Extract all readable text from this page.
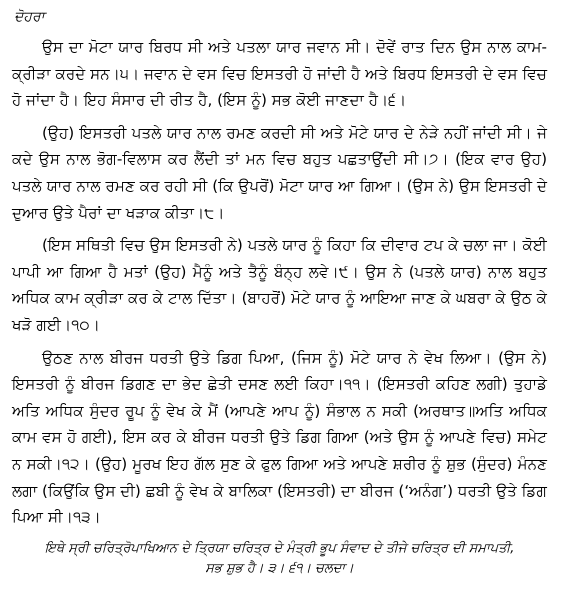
ਦੋਹਰਾ

ਉਸ ਦਾ ਮੋਟਾ ਯਾਰ ਬਿਰਧ ਸੀ ਅਤੇ ਪਤਲਾ ਯਾਰ ਜਵਾਨ ਸੀ। ਦੋਵੇਂ ਰਾਤ ਦਿਨ ਉਸ ਨਾਲ ਕਾਮ-ਕ੍ਰੀੜਾ ਕਰਦੇ ਸਨ।੫। ਜਵਾਨ ਦੇ ਵਸ ਵਿਚ ਇਸਤਰੀ ਹੋ ਜਾਂਦੀ ਹੈ ਅਤੇ ਬਿਰਧ ਇਸਤਰੀ ਦੇ ਵਸ ਵਿਚ ਹੋ ਜਾਂਦਾ ਹੈ। ਇਹ ਸੰਸਾਰ ਦੀ ਰੀਤ ਹੈ, (ਇਸ ਨੂੰ) ਸਭ ਕੋਈ ਜਾਣਦਾ ਹੈ।੬।

(ਉਹ) ਇਸਤਰੀ ਪਤਲੇ ਯਾਰ ਨਾਲ ਰਮਣ ਕਰਦੀ ਸੀ ਅਤੇ ਮੋਟੇ ਯਾਰ ਦੇ ਨੇੜੇ ਨਹੀਂ ਜਾਂਦੀ ਸੀ। ਜੇ ਕਦੇ ਉਸ ਨਾਲ ਭੋਗ-ਵਿਲਾਸ ਕਰ ਲੈਂਦੀ ਤਾਂ ਮਨ ਵਿਚ ਬਹੁਤ ਪਛਤਾਉਂਦੀ ਸੀ।੭। (ਇਕ ਵਾਰ ਉਹ) ਪਤਲੇ ਯਾਰ ਨਾਲ ਰਮਣ ਕਰ ਰਹੀ ਸੀ (ਕਿ ਉਪਰੋਂ) ਮੋਟਾ ਯਾਰ ਆ ਗਿਆ। (ਉਸ ਨੇ) ਉਸ ਇਸਤਰੀ ਦੇ ਦੁਆਰ ਉਤੇ ਪੈਰਾਂ ਦਾ ਖੜਾਕ ਕੀਤਾ।੮।

(ਇਸ ਸਥਿਤੀ ਵਿਚ ਉਸ ਇਸਤਰੀ ਨੇ) ਪਤਲੇ ਯਾਰ ਨੂੰ ਕਿਹਾ ਕਿ ਦੀਵਾਰ ਟਪ ਕੇ ਚਲਾ ਜਾ। ਕੋਈ ਪਾਪੀ ਆ ਗਿਆ ਹੈ ਮਤਾਂ (ਉਹ) ਮੈਨੂੰ ਅਤੇ ਤੈਨੂੰ ਬੰਨ੍ਹ ਲਵੇ।੯। ਉਸ ਨੇ (ਪਤਲੇ ਯਾਰ) ਨਾਲ ਬਹੁਤ ਅਧਿਕ ਕਾਮ ਕ੍ਰੀੜਾ ਕਰ ਕੇ ਟਾਲ ਦਿੱਤਾ। (ਬਾਹਰੋਂ) ਮੋਟੇ ਯਾਰ ਨੂੰ ਆਇਆ ਜਾਣ ਕੇ ਘਬਰਾ ਕੇ ਉਠ ਕੇ ਖੜੋ ਗਈ।੧੦।

ਉਠਣ ਨਾਲ ਬੀਰਜ ਧਰਤੀ ਉਤੇ ਡਿਗ ਪਿਆ, (ਜਿਸ ਨੂੰ) ਮੋਟੇ ਯਾਰ ਨੇ ਵੇਖ ਲਿਆ। (ਉਸ ਨੇ) ਇਸਤਰੀ ਨੂੰ ਬੀਰਜ ਡਿਗਣ ਦਾ ਭੇਦ ਛੇਤੀ ਦਸਣ ਲਈ ਕਿਹਾ।੧੧। (ਇਸਤਰੀ ਕਹਿਣ ਲਗੀ) ਤੁਹਾਡੇ ਅਤਿ ਅਧਿਕ ਸੁੰਦਰ ਰੂਪ ਨੂੰ ਵੇਖ ਕੇ ਮੈਂ (ਆਪਣੇ ਆਪ ਨੂੰ) ਸੰਭਾਲ ਨ ਸਕੀ (ਅਰਥਾਤ॥ਅਤਿ ਅਧਿਕ ਕਾਮ ਵਸ ਹੋ ਗਈ), ਇਸ ਕਰ ਕੇ ਬੀਰਜ ਧਰਤੀ ਉਤੇ ਡਿਗ ਗਿਆ (ਅਤੇ ਉਸ ਨੂੰ ਆਪਣੇ ਵਿਚ) ਸਮੇਟ ਨ ਸਕੀ।੧੨। (ਉਹ) ਮੂਰਖ ਇਹ ਗੱਲ ਸੁਣ ਕੇ ਫੁਲ ਗਿਆ ਅਤੇ ਆਪਣੇ ਸ਼ਰੀਰ ਨੂੰ ਸ਼ੁਭ (ਸੁੰਦਰ) ਮੰਨਣ ਲਗਾ (ਕਿਉਂਕਿ ਉਸ ਦੀ) ਛਬੀ ਨੂੰ ਵੇਖ ਕੇ ਬਾਲਿਕਾ (ਇਸਤਰੀ) ਦਾ ਬੀਰਜ (‘ਅਨੰਗ’) ਧਰਤੀ ਉਤੇ ਡਿਗ ਪਿਆ ਸੀ।੧੩।

ਇਥੇ ਸ੍ਰੀ ਚਰਿਤ੍ਰੋਪਾਖਿਆਨ ਦੇ ਤ੍ਰਿਯਾ ਚਰਿਤ੍ਰ ਦੇ ਮੰਤ੍ਰੀ ਭੂਪ ਸੰਵਾਦ ਦੇ ਤੀਜੇ ਚਰਿਤ੍ਰ ਦੀ ਸਮਾਪਤੀ, ਸਭ ਸ਼ੁਭ ਹੈ। ੩। ੬੧। ਚਲਦਾ।
